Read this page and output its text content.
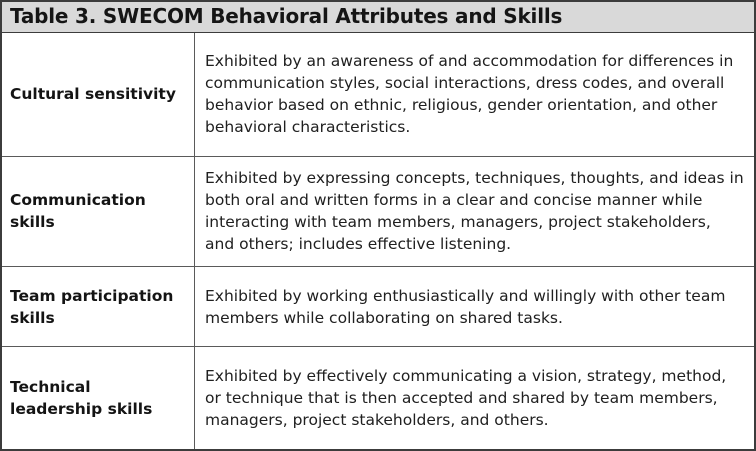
Table 3. SWECOM Behavioral Attributes and Skills
Cultural sensitivity
Exhibited by an awareness of and accommodation for differences in communication styles, social interactions, dress codes, and overall behavior based on ethnic, religious, gender orientation, and other behavioral characteristics.
Communication skills
Exhibited by expressing concepts, techniques, thoughts, and ideas in both oral and written forms in a clear and concise manner while interacting with team members, managers, project stakeholders, and others; includes effective listening.
Team participation skills
Exhibited by working enthusiastically and willingly with other team members while collaborating on shared tasks.
Technical leadership skills
Exhibited by effectively communicating a vision, strategy, method, or technique that is then accepted and shared by team members, managers, project stakeholders, and others.
